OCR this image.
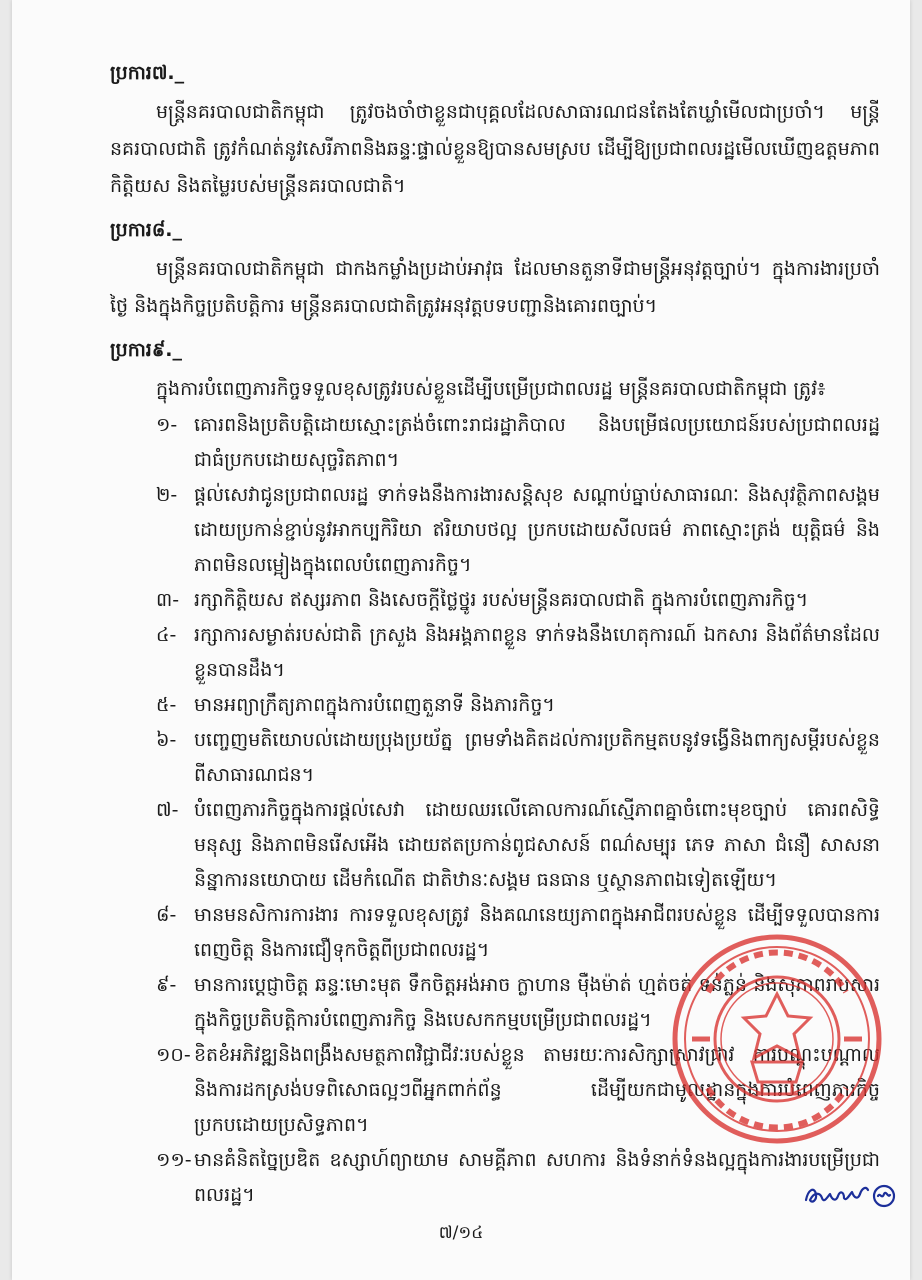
ប្រការ៧._

មន្ត្រីនគរបាលជាតិកម្ពុជា ត្រូវចងចាំថាខ្លួនជាបុគ្គលដែលសាធារណជនតែងតែឃ្លាំមើលជាប្រចាំ។ មន្ត្រីនគរបាលជាតិ ត្រូវកំណត់នូវសេរីភាពនិងឆន្ទៈផ្ទាល់ខ្លួនឱ្យបានសមស្រប ដើម្បីឱ្យប្រជាពលរដ្ឋមើលឃើញឧត្តមភាព កិត្តិយស និងតម្លៃរបស់មន្ត្រីនគរបាលជាតិ។

ប្រការ៨._

មន្ត្រីនគរបាលជាតិកម្ពុជា ជាកងកម្លាំងប្រដាប់អាវុធ ដែលមានតួនាទីជាមន្ត្រីអនុវត្តច្បាប់។ ក្នុងការងារប្រចាំថ្ងៃ និងក្នុងកិច្ចប្រតិបត្តិការ មន្ត្រីនគរបាលជាតិត្រូវអនុវត្តបទបញ្ជានិងគោរពច្បាប់។

ប្រការ៩._

ក្នុងការបំពេញភារកិច្ចទទួលខុសត្រូវរបស់ខ្លួនដើម្បីបម្រើប្រជាពលរដ្ឋ មន្ត្រីនគរបាលជាតិកម្ពុជា ត្រូវ៖

១- គោរពនិងប្រតិបត្តិដោយស្មោះត្រង់ចំពោះរាជរដ្ឋាភិបាល និងបម្រើផលប្រយោជន៍របស់ប្រជាពលរដ្ឋជាធំប្រកបដោយសុច្ចរិតភាព។
២- ផ្តល់សេវាជូនប្រជាពលរដ្ឋ ទាក់ទងនឹងការងារសន្តិសុខ សណ្តាប់ធ្នាប់សាធារណៈ និងសុវត្ថិភាពសង្គម ដោយប្រកាន់ខ្ជាប់នូវអាកប្បកិរិយា ឥរិយាបថល្អ ប្រកបដោយសីលធម៌ ភាពស្មោះត្រង់ យុត្តិធម៌ និងភាពមិនលម្អៀងក្នុងពេលបំពេញភារកិច្ច។
៣- រក្សាកិត្តិយស ឥស្សរភាព និងសេចក្តីថ្លៃថ្នូរ របស់មន្ត្រីនគរបាលជាតិ ក្នុងការបំពេញភារកិច្ច។
៤- រក្សាការសម្ងាត់របស់ជាតិ ក្រសួង និងអង្គភាពខ្លួន ទាក់ទងនឹងហេតុការណ៍ ឯកសារ និងព័ត៌មានដែលខ្លួនបានដឹង។
៥- មានអព្យាក្រឹត្យភាពក្នុងការបំពេញតួនាទី និងភារកិច្ច។
៦- បញ្ចេញមតិយោបល់ដោយប្រុងប្រយ័ត្ន ព្រមទាំងគិតដល់ការប្រតិកម្មតបនូវទង្វើនិងពាក្យសម្តីរបស់ខ្លួនពីសាធារណជន។
៧- បំពេញភារកិច្ចក្នុងការផ្តល់សេវា ដោយឈរលើគោលការណ៍ស្មើភាពគ្នាចំពោះមុខច្បាប់ គោរពសិទ្ធិមនុស្ស និងភាពមិនរើសអើង ដោយឥតប្រកាន់ពូជសាសន៍ ពណ៌សម្បុរ ភេទ ភាសា ជំនឿ សាសនា និន្នាការនយោបាយ ដើមកំណើត ជាតិឋានៈសង្គម ធនធាន ឬស្ថានភាពឯទៀតឡើយ។
៨- មានមនសិការការងារ ការទទួលខុសត្រូវ និងគណនេយ្យភាពក្នុងអាជីពរបស់ខ្លួន ដើម្បីទទួលបានការពេញចិត្ត និងការជឿទុកចិត្តពីប្រជាពលរដ្ឋ។
៩- មានការប្តេជ្ញាចិត្ត ឆន្ទៈមោះមុត ទឹកចិត្តអង់អាច ក្លាហាន ម៉ឺងម៉ាត់ ហ្មត់ចត់ ទន់ភ្លន់ និងសុភាពរាបសារ ក្នុងកិច្ចប្រតិបត្តិការបំពេញភារកិច្ច និងបេសកកម្មបម្រើប្រជាពលរដ្ឋ។
១០- ខិតខំអភិវឌ្ឍនិងពង្រឹងសមត្ថភាពវិជ្ជាជីវៈរបស់ខ្លួន តាមរយៈការសិក្សាស្រាវជ្រាវ ការបណ្តុះបណ្តាល និងការដកស្រង់បទពិសោធល្អៗពីអ្នកពាក់ព័ន្ធ ដើម្បីយកជាមូលដ្ឋានក្នុងការបំពេញភារកិច្ចប្រកបដោយប្រសិទ្ធភាព។
១១- មានគំនិតច្នៃប្រឌិត ឧស្សាហ៍ព្យាយាម សាមគ្គីភាព សហការ និងទំនាក់ទំនងល្អក្នុងការងារបម្រើប្រជាពលរដ្ឋ។
៧/១៤
